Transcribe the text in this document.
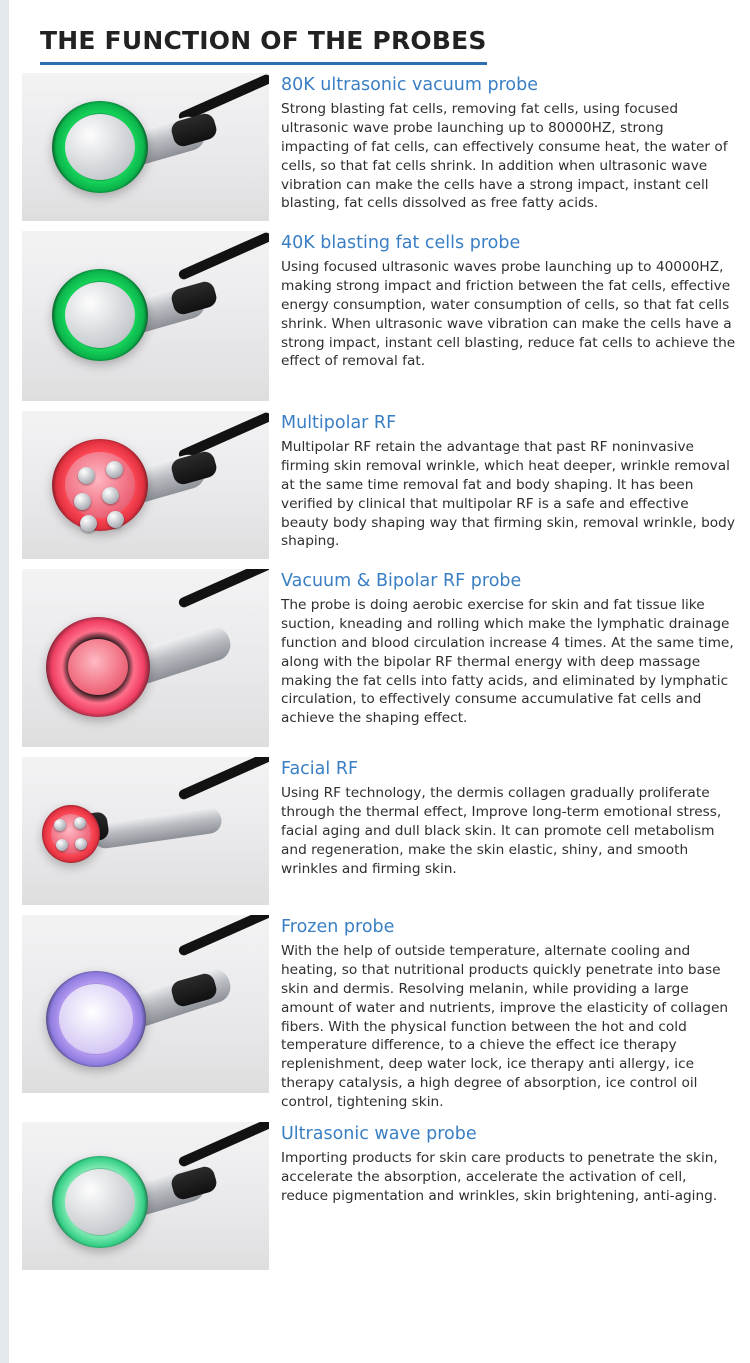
THE FUNCTION OF THE PROBES
80K ultrasonic vacuum probe

Strong blasting fat cells, removing fat cells, using focused ultrasonic wave probe launching up to 80000HZ, strong impacting of fat cells, can effectively consume heat, the water of cells, so that fat cells shrink. In addition when ultrasonic wave vibration can make the cells have a strong impact, instant cell blasting, fat cells dissolved as free fatty acids.

40K blasting fat cells probe

Using focused ultrasonic waves probe launching up to 40000HZ, making strong impact and friction between the fat cells, effective energy consumption, water consumption of cells, so that fat cells shrink. When ultrasonic wave vibration can make the cells have a strong impact, instant cell blasting, reduce fat cells to achieve the effect of removal fat.

Multipolar RF

Multipolar RF retain the advantage that past RF noninvasive firming skin removal wrinkle, which heat deeper, wrinkle removal at the same time removal fat and body shaping. It has been verified by clinical that multipolar RF is a safe and effective beauty body shaping way that firming skin, removal wrinkle, body shaping.

Vacuum & Bipolar RF probe

The probe is doing aerobic exercise for skin and fat tissue like suction, kneading and rolling which make the lymphatic drainage function and blood circulation increase 4 times. At the same time, along with the bipolar RF thermal energy with deep massage making the fat cells into fatty acids, and eliminated by lymphatic circulation, to effectively consume accumulative fat cells and achieve the shaping effect.

Facial RF

Using RF technology, the dermis collagen gradually proliferate through the thermal effect, Improve long-term emotional stress, facial aging and dull black skin. It can promote cell metabolism and regeneration, make the skin elastic, shiny, and smooth wrinkles and firming skin.

Frozen probe

With the help of outside temperature, alternate cooling and heating, so that nutritional products quickly penetrate into base skin and dermis. Resolving melanin, while providing a large amount of water and nutrients, improve the elasticity of collagen fibers. With the physical function between the hot and cold temperature difference, to a chieve the effect ice therapy replenishment, deep water lock, ice therapy anti allergy, ice therapy catalysis, a high degree of absorption, ice control oil control, tightening skin.

Ultrasonic wave probe

Importing products for skin care products to penetrate the skin, accelerate the absorption, accelerate the activation of cell, reduce pigmentation and wrinkles, skin brightening, anti-aging.
